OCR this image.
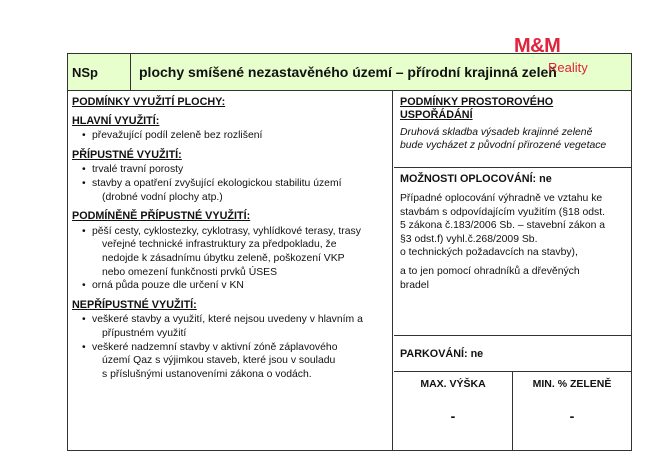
NSp	plochy smíšené nezastavěného území – přírodní krajinná zeleň
PODMÍNKY VYUŽITÍ PLOCHY:
HLAVNÍ VYUŽITÍ:
• převažující podíl zeleně bez rozlišení
PŘÍPUSTNÉ VYUŽITÍ:
• trvalé travní porosty
• stavby a opatření zvyšující ekologickou stabilitu území
(drobné vodní plochy atp.)
PODMÍNĚNĚ PŘÍPUSTNÉ VYUŽITÍ:
• pěší cesty, cyklostezky, cyklotrasy, vyhlídkové terasy, trasy
veřejné technické infrastruktury za předpokladu, že
nedojde k zásadnímu úbytku zeleně, poškození VKP
nebo omezení funkčnosti prvků ÚSES
• orná půda pouze dle určení v KN
NEPŘÍPUSTNÉ VYUŽITÍ:
• veškeré stavby a využití, které nejsou uvedeny v hlavním a
přípustném využití
• veškeré nadzemní stavby v aktivní zóně záplavového
území Qaz s výjimkou staveb, které jsou v souladu
s příslušnými ustanoveními zákona o vodách.
PODMÍNKY PROSTOROVÉHO USPOŘÁDÁNÍ
Druhová skladba výsadeb krajinné zeleně
bude vycházet z původní přirozené vegetace
MOŽNOSTI OPLOCOVÁNÍ: ne
Případné oplocování výhradně ve vztahu ke
stavbám s odpovídajícím využitím (§18 odst.
5 zákona č.183/2006 Sb. – stavební zákon a
§3 odst.f) vyhl.č.268/2009 Sb.
o technických požadavcích na stavby),
a to jen pomocí ohradníků a dřevěných
bradel
PARKOVÁNÍ: ne
MAX. VÝŠKA
-
MIN. % ZELENĚ
-
M&M
Reality
